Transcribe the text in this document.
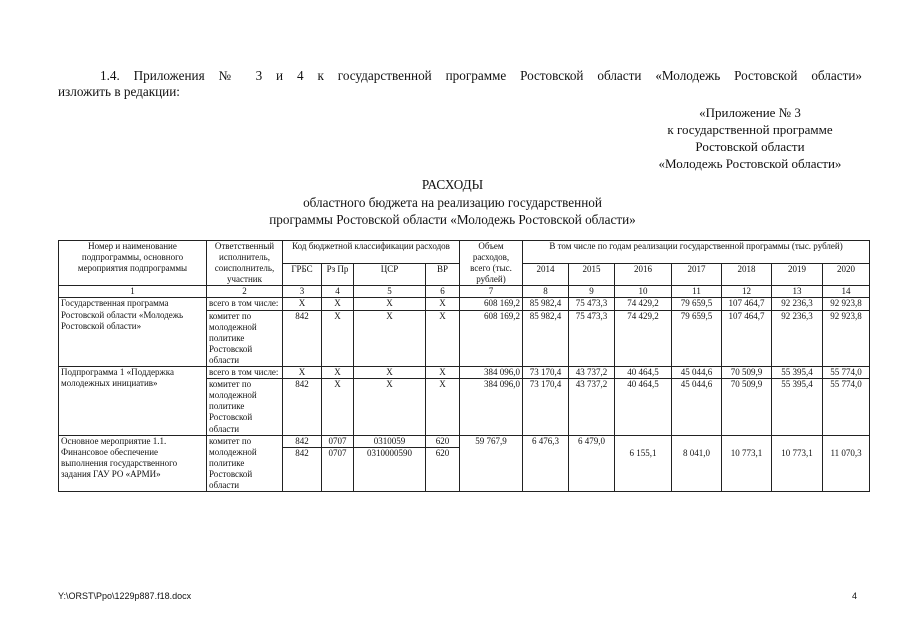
1.4. Приложения № 3 и 4 к государственной программе Ростовской области «Молодежь Ростовской области»
изложить в редакции:
«Приложение № 3
к государственной программе
Ростовской области
«Молодежь Ростовской области»
РАСХОДЫ
областного бюджета на реализацию государственной
программы Ростовской области «Молодежь Ростовской области»
Номер и наименование подпрограммы, основного мероприятия подпрограммы	Ответственный исполнитель, соисполнитель, участник	Код бюджетной классификации расходов				Объем расходов, всего (тыс. рублей)	В том числе по годам реализации государственной программы (тыс. рублей)						
		ГРБС	Рз Пр	ЦСР	ВР		2014	2015	2016	2017	2018	2019	2020
1	2	3	4	5	6	7	8	9	10	11	12	13	14
Государственная программа Ростовской области «Молодежь Ростовской области»	всего в том числе:	X	X	X	X	608 169,2	85 982,4	75 473,3	74 429,2	79 659,5	107 464,7	92 236,3	92 923,8
	комитет по молодежной политике Ростовской области	842	X	X	X	608 169,2	85 982,4	75 473,3	74 429,2	79 659,5	107 464,7	92 236,3	92 923,8
Подпрограмма 1 «Поддержка молодежных инициатив»	всего в том числе:	X	X	X	X	384 096,0	73 170,4	43 737,2	40 464,5	45 044,6	70 509,9	55 395,4	55 774,0
	комитет по молодежной политике Ростовской области	842	X	X	X	384 096,0	73 170,4	43 737,2	40 464,5	45 044,6	70 509,9	55 395,4	55 774,0
Основное мероприятие 1.1. Финансовое обеспечение выполнения государственного задания ГАУ РО «АРМИ»	комитет по молодежной политике Ростовской области	842	0707	0310059	620	59 767,9	6 476,3	6 479,0					
		842	0707	0310000590	620				6 155,1	8 041,0	10 773,1	10 773,1	11 070,3
Y:\ORST\Ppo\1229p887.f18.docx	4
